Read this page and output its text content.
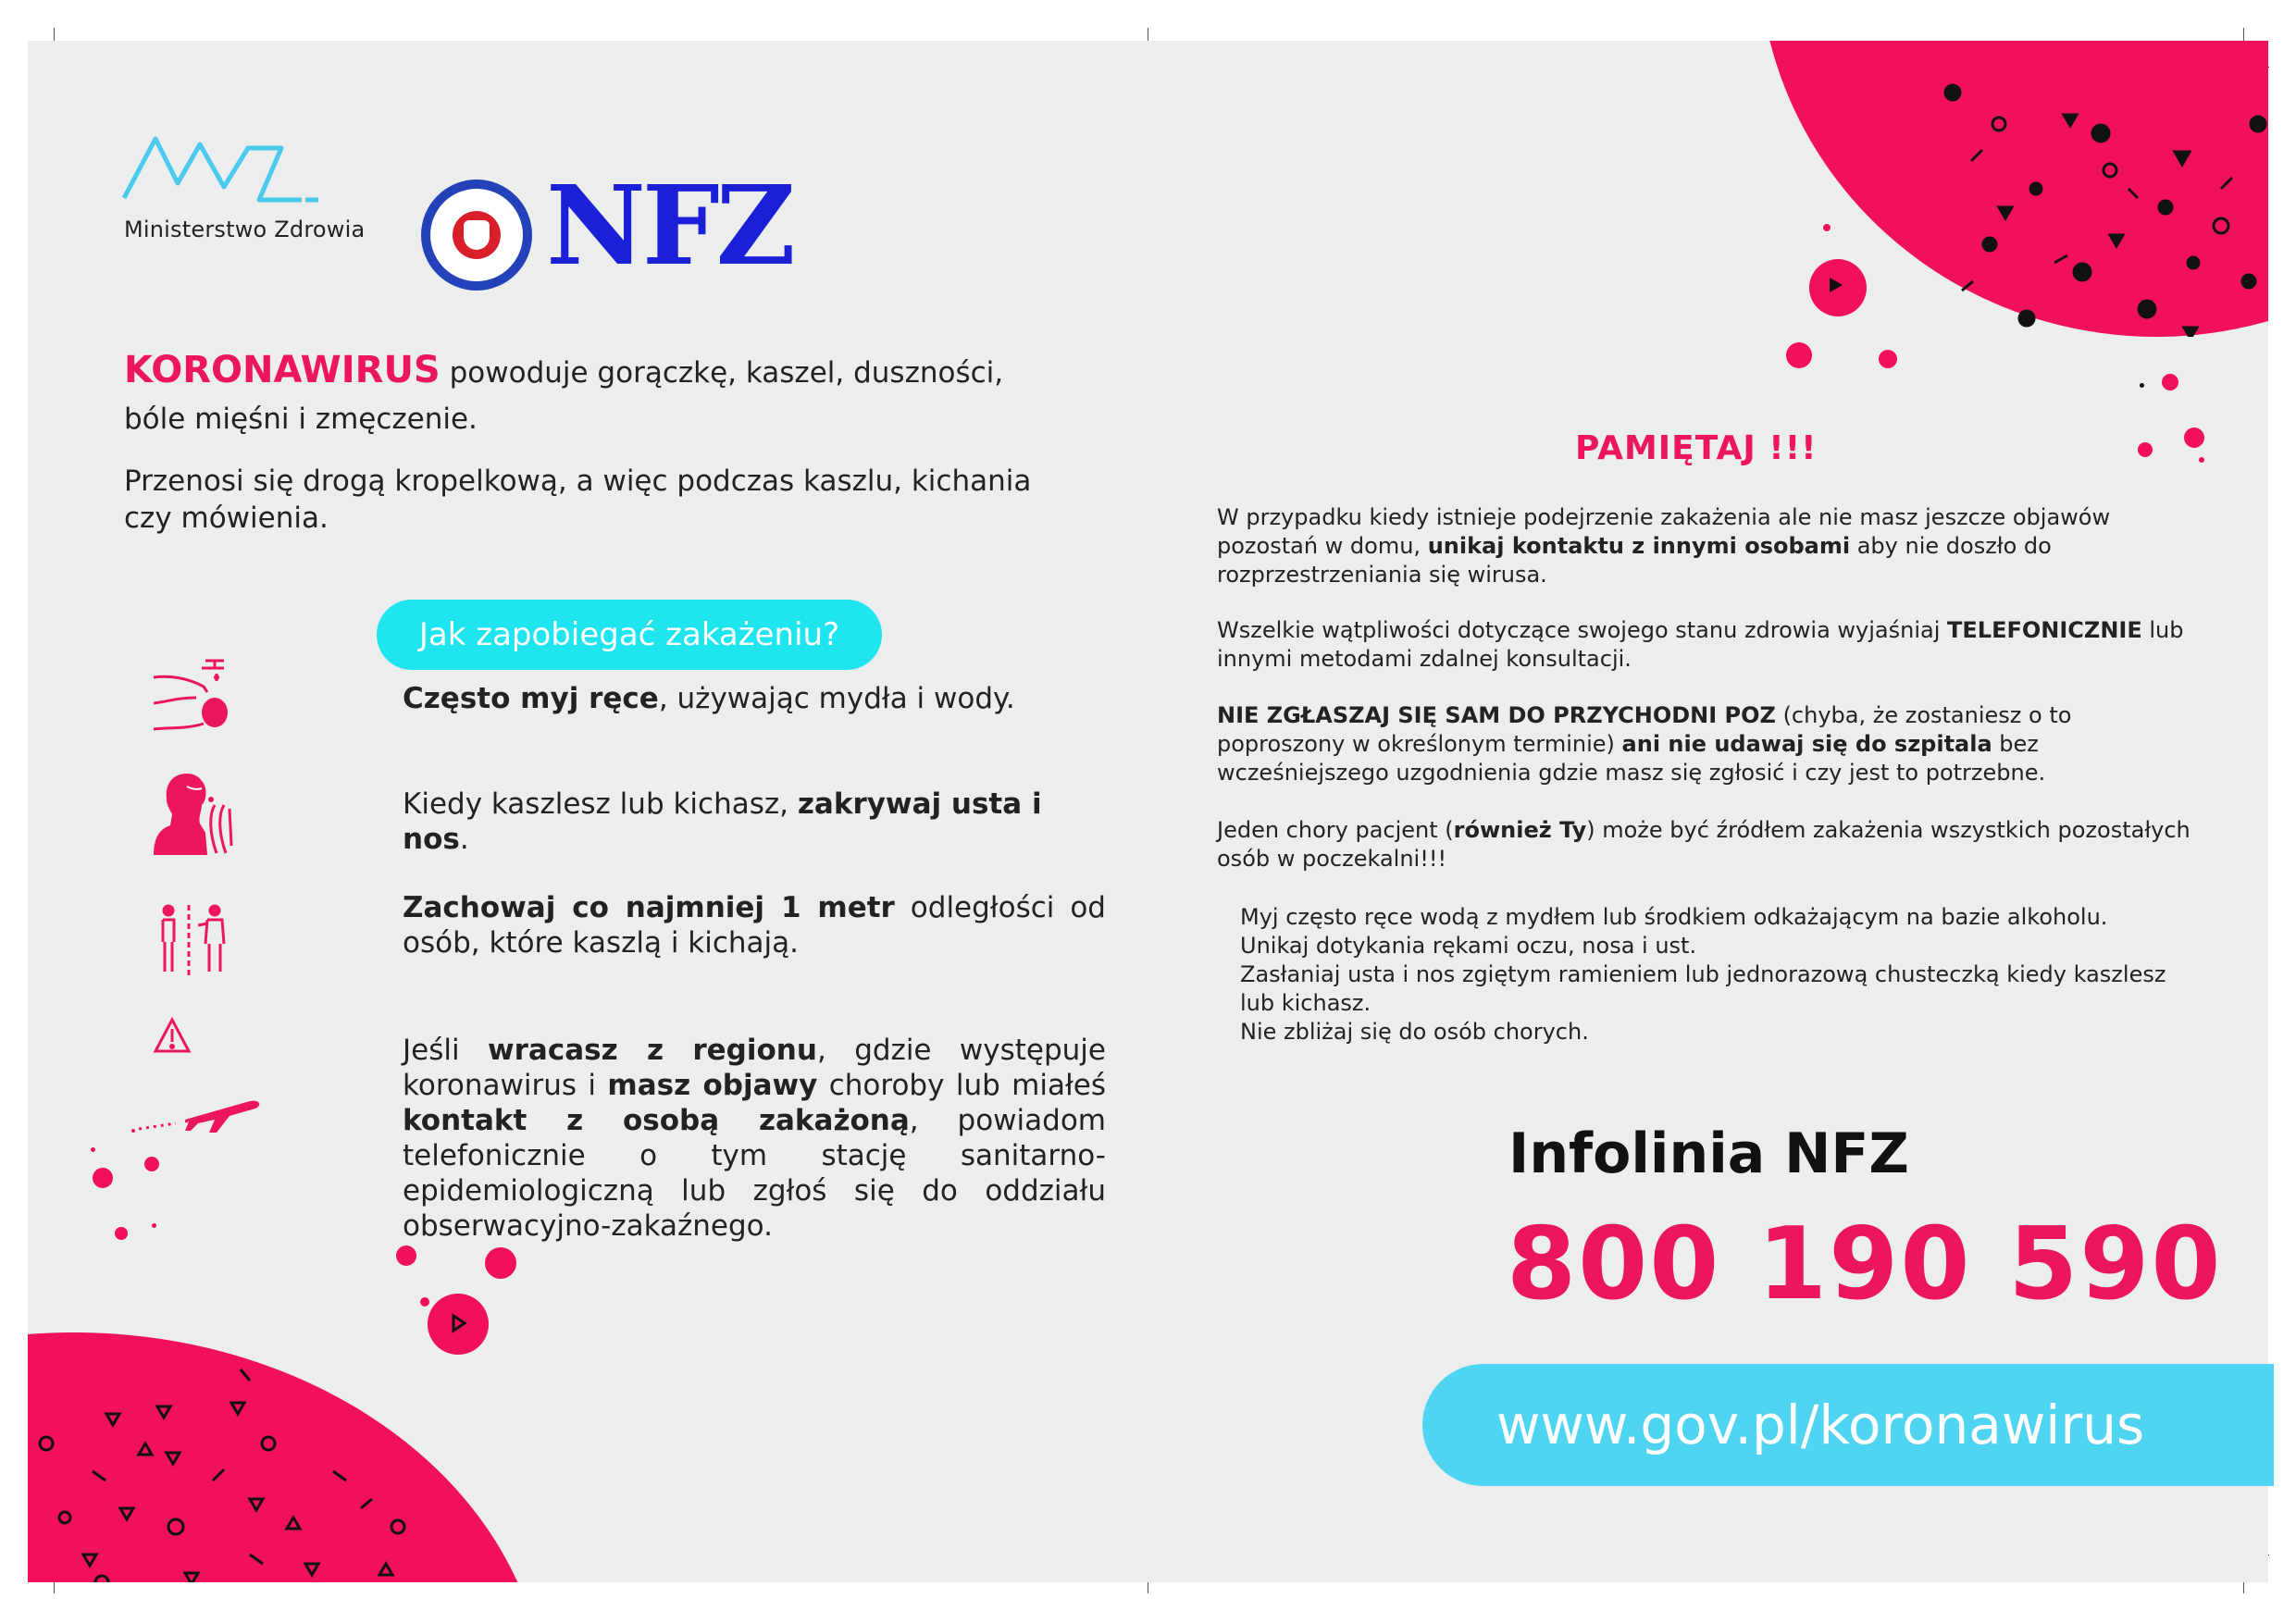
Ministerstwo Zdrowia NFZ
KORONAWIRUS powoduje gorączkę, kaszel, duszności,
bóle mięśni i zmęczenie.
Przenosi się drogą kropelkową, a więc podczas kaszlu, kichania
czy mówienia.
Jak zapobiegać zakażeniu?
Często myj ręce, używając mydła i wody.
Kiedy kaszlesz lub kichasz, zakrywaj usta i nos.
Zachowaj co najmniej 1 metr odległości od osób, które kaszlą i kichają.
Jeśli wracasz z regionu, gdzie występuje koronawirus i masz objawy choroby lub miałeś kontakt z osobą zakażoną, powiadom telefonicznie o tym stację sanitarno-epidemiologiczną lub zgłoś się do oddziału obserwacyjno-zakaźnego.
PAMIĘTAJ !!!
W przypadku kiedy istnieje podejrzenie zakażenia ale nie masz jeszcze objawów pozostań w domu, unikaj kontaktu z innymi osobami aby nie doszło do rozprzestrzeniania się wirusa.
Wszelkie wątpliwości dotyczące swojego stanu zdrowia wyjaśniaj TELEFONICZNIE lub innymi metodami zdalnej konsultacji.
NIE ZGŁASZAJ SIĘ SAM DO PRZYCHODNI POZ (chyba, że zostaniesz o to poproszony w określonym terminie) ani nie udawaj się do szpitala bez wcześniejszego uzgodnienia gdzie masz się zgłosić i czy jest to potrzebne.
Jeden chory pacjent (również Ty) może być źródłem zakażenia wszystkich pozostałych osób w poczekalni!!!
Myj często ręce wodą z mydłem lub środkiem odkażającym na bazie alkoholu.
Unikaj dotykania rękami oczu, nosa i ust.
Zasłaniaj usta i nos zgiętym ramieniem lub jednorazową chusteczką kiedy kaszlesz
lub kichasz.
Nie zbliżaj się do osób chorych.
Infolinia NFZ
800 190 590
www.gov.pl/koronawirus
